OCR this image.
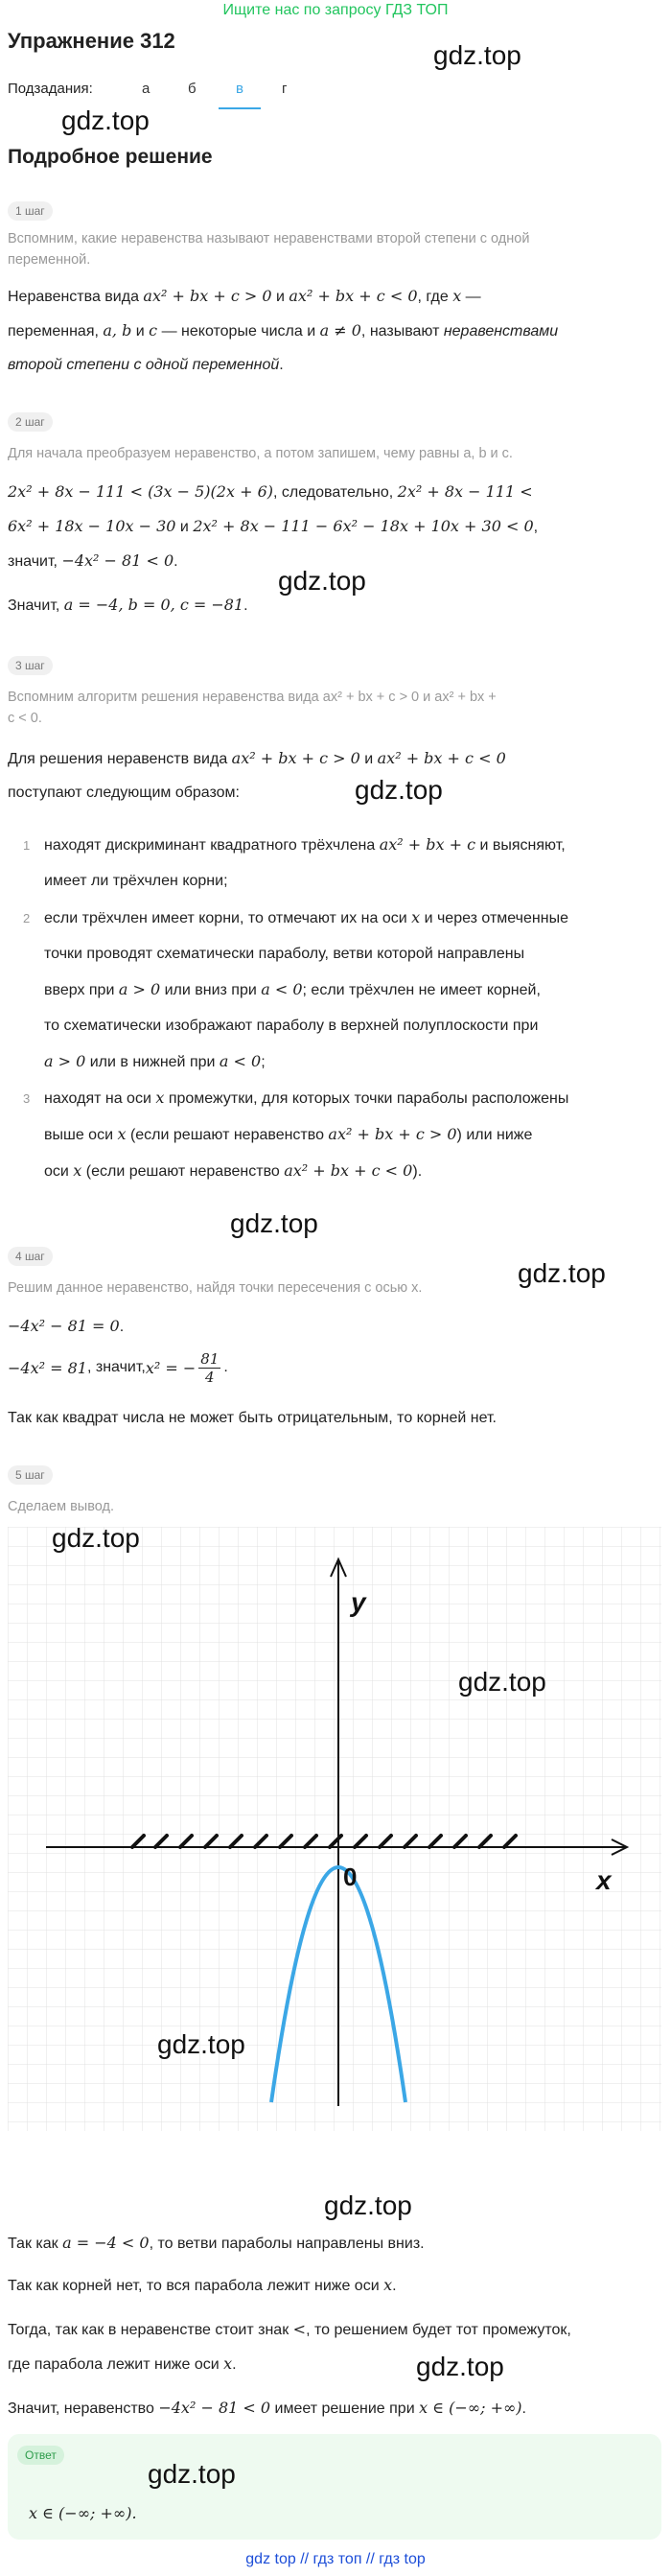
Ищите нас по запросу ГДЗ ТОП
Упражнение 312	gdz.top
Подзадания:	а	б	в	г
gdz.top
Подробное решение
1 шаг
Вспомним, какие неравенства называют неравенствами второй степени с одной
переменной.
Неравенства вида ax² + bx + c > 0 и ax² + bx + c < 0, где x —
переменная, a, b и c — некоторые числа и a ≠ 0, называют неравенствами
второй степени с одной переменной.
2 шаг
Для начала преобразуем неравенство, а потом запишем, чему равны a, b и c.
2x² + 8x − 111 < (3x − 5)(2x + 6), следовательно, 2x² + 8x − 111 <
6x² + 18x − 10x − 30 и 2x² + 8x − 111 − 6x² − 18x + 10x + 30 < 0,
значит, −4x² − 81 < 0.
gdz.top
Значит, a = −4, b = 0, c = −81.
3 шаг
Вспомним алгоритм решения неравенства вида ax² + bx + c > 0 и ax² + bx +
c < 0.
Для решения неравенств вида ax² + bx + c > 0 и ax² + bx + c < 0
поступают следующим образом:	gdz.top
1 находят дискриминант квадратного трёхчлена ax² + bx + c и выясняют,
имеет ли трёхчлен корни;
2 если трёхчлен имеет корни, то отмечают их на оси x и через отмеченные
точки проводят схематически параболу, ветви которой направлены
вверх при a > 0 или вниз при a < 0; если трёхчлен не имеет корней,
то схематически изображают параболу в верхней полуплоскости при
a > 0 или в нижней при a < 0;
3 находят на оси x промежутки, для которых точки параболы расположены
выше оси x (если решают неравенство ax² + bx + c > 0) или ниже
оси x (если решают неравенство ax² + bx + c < 0).
gdz.top
4 шаг
gdz.top
Решим данное неравенство, найдя точки пересечения с осью x.
−4x² − 81 = 0.
−4x² = 81 , значит, x² = − $\frac{81}{4}$ .
Так как квадрат числа не может быть отрицательным, то корней нет.
5 шаг
Сделаем вывод.
y
x
0
gdz.top
gdz.top
gdz.top
gdz.top
Так как a = −4 < 0, то ветви параболы направлены вниз.
Так как корней нет, то вся парабола лежит ниже оси x.
Тогда, так как в неравенстве стоит знак <, то решением будет тот промежуток,
где парабола лежит ниже оси x.	gdz.top
Значит, неравенство −4x² − 81 < 0 имеет решение при x ∈ (−∞; +∞).
Ответ
gdz.top
x ∈ (−∞; +∞).
gdz top // гдз топ // гдз top
